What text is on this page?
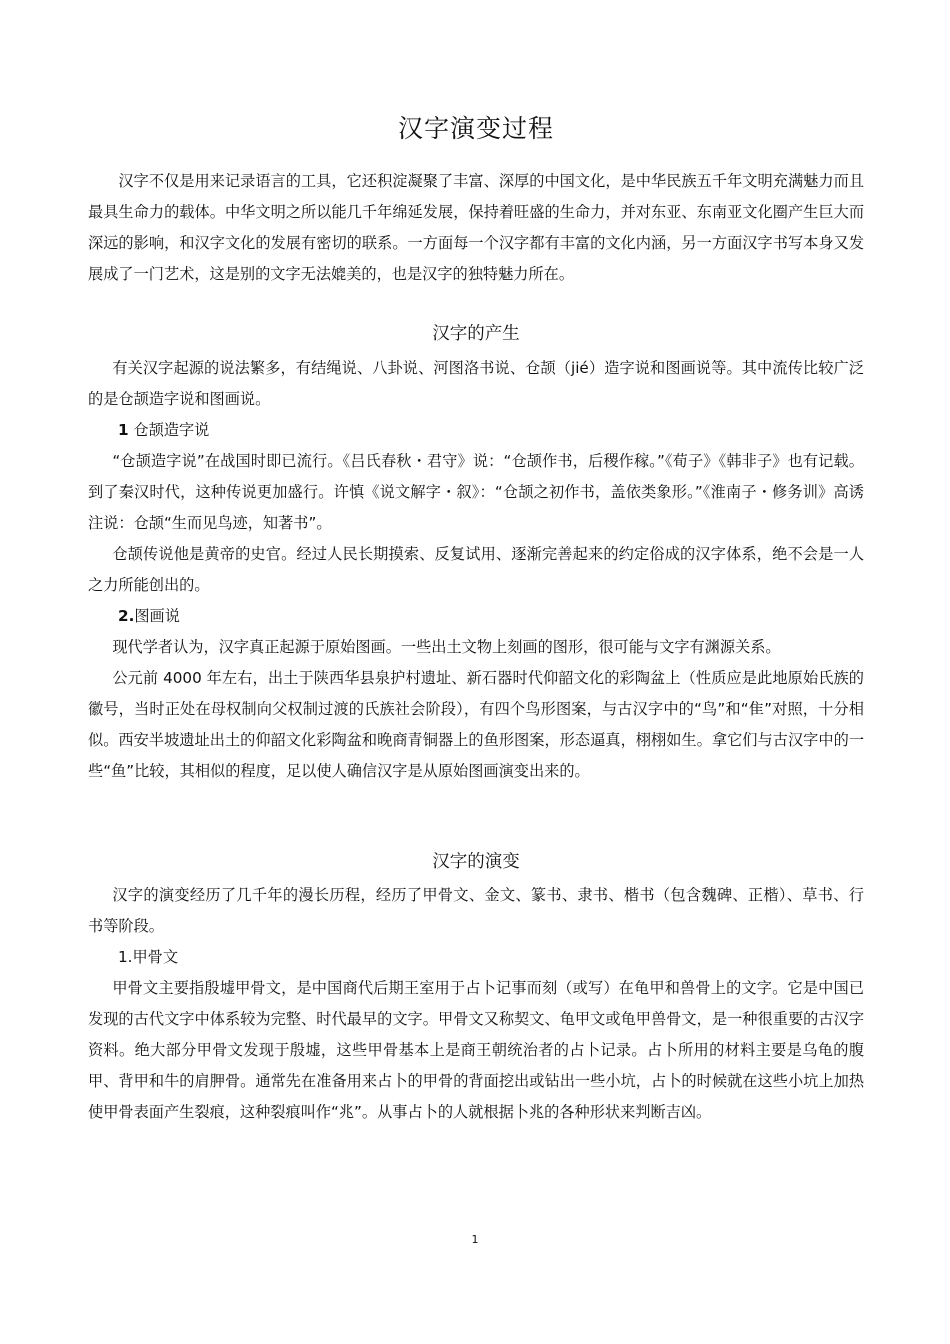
汉字演变过程

汉字不仅是用来记录语言的工具，它还积淀凝聚了丰富、深厚的中国文化，是中华民族五千年文明充满魅力而且最具生命力的载体。中华文明之所以能几千年绵延发展，保持着旺盛的生命力，并对东亚、东南亚文化圈产生巨大而深远的影响，和汉字文化的发展有密切的联系。一方面每一个汉字都有丰富的文化内涵，另一方面汉字书写本身又发展成了一门艺术，这是别的文字无法媲美的，也是汉字的独特魅力所在。

汉字的产生

有关汉字起源的说法繁多，有结绳说、八卦说、河图洛书说、仓颉（jié）造字说和图画说等。其中流传比较广泛的是仓颉造字说和图画说。

1 仓颉造字说

“仓颉造字说”在战国时即已流行。《吕氏春秋・君守》说：“仓颉作书，后稷作稼。”《荀子》《韩非子》也有记载。到了秦汉时代，这种传说更加盛行。许慎《说文解字・叙》：“仓颉之初作书，盖依类象形。”《淮南子・修务训》高诱注说：仓颉“生而见鸟迹，知著书”。

仓颉传说他是黄帝的史官。经过人民长期摸索、反复试用、逐渐完善起来的约定俗成的汉字体系，绝不会是一人之力所能创出的。

2.图画说

现代学者认为，汉字真正起源于原始图画。一些出土文物上刻画的图形，很可能与文字有渊源关系。

公元前 4000 年左右，出土于陕西华县泉护村遗址、新石器时代仰韶文化的彩陶盆上（性质应是此地原始氏族的徽号，当时正处在母权制向父权制过渡的氏族社会阶段），有四个鸟形图案，与古汉字中的“鸟”和“隹”对照，十分相似。西安半坡遗址出土的仰韶文化彩陶盆和晚商青铜器上的鱼形图案，形态逼真，栩栩如生。拿它们与古汉字中的一些“鱼”比较，其相似的程度，足以使人确信汉字是从原始图画演变出来的。

汉字的演变

汉字的演变经历了几千年的漫长历程，经历了甲骨文、金文、篆书、隶书、楷书（包含魏碑、正楷）、草书、行书等阶段。

1.甲骨文

甲骨文主要指殷墟甲骨文，是中国商代后期王室用于占卜记事而刻（或写）在龟甲和兽骨上的文字。它是中国已发现的古代文字中体系较为完整、时代最早的文字。甲骨文又称契文、龟甲文或龟甲兽骨文，是一种很重要的古汉字资料。绝大部分甲骨文发现于殷墟，这些甲骨基本上是商王朝统治者的占卜记录。占卜所用的材料主要是乌龟的腹甲、背甲和牛的肩胛骨。通常先在准备用来占卜的甲骨的背面挖出或钻出一些小坑，占卜的时候就在这些小坑上加热使甲骨表面产生裂痕，这种裂痕叫作“兆”。从事占卜的人就根据卜兆的各种形状来判断吉凶。

1
